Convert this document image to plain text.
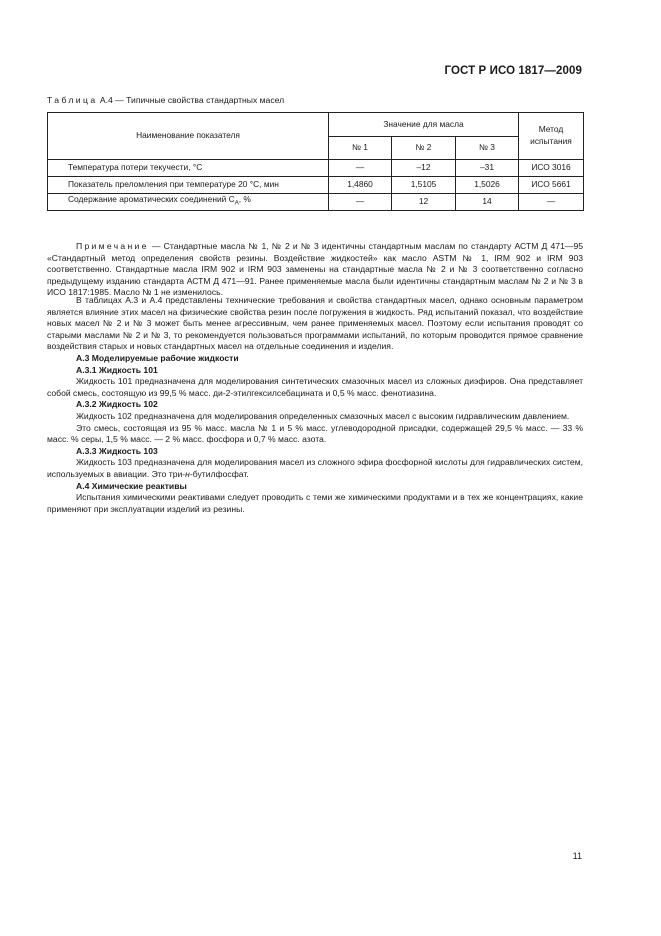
ГОСТ Р ИСО 1817—2009
Таблица А.4 — Типичные свойства стандартных масел
Наименование показателя	Значение для масла			Метод испытания
	№ 1	№ 2	№ 3	
Температура потери текучести, °С	—	–12	–31	ИСО 3016
Показатель преломления при температуре 20 °С, мин	1,4860	1,5105	1,5026	ИСО 5661
Содержание ароматических соединений $C_A$, %	—	12	14	—

Примечание — Стандартные масла № 1, № 2 и № 3 идентичны стандартным маслам по стандарту АСТМ Д 471—95 «Стандартный метод определения свойств резины. Воздействие жидкостей» как масло ASTM № 1, IRM 902 и IRM 903 соответственно. Стандартные масла IRM 902 и IRM 903 заменены на стандартные масла № 2 и № 3 соответственно согласно предыдущему изданию стандарта АСТМ Д 471—91. Ранее применяемые масла были идентичны стандартным маслам № 2 и № 3 в ИСО 1817:1985. Масло № 1 не изменилось.

В таблицах А.3 и А.4 представлены технические требования и свойства стандартных масел, однако основным параметром является влияние этих масел на физические свойства резин после погружения в жидкость. Ряд испытаний показал, что воздействие новых масел № 2 и № 3 может быть менее агрессивным, чем ранее применяемых масел. Поэтому если испытания проводят со старыми маслами № 2 и № 3, то рекомендуется пользоваться программами испытаний, по которым проводится прямое сравнение воздействия старых и новых стандартных масел на отдельные соединения и изделия.

А.3 Моделируемые рабочие жидкости

А.3.1 Жидкость 101

Жидкость 101 предназначена для моделирования синтетических смазочных масел из сложных диэфиров. Она представляет собой смесь, состоящую из 99,5 % масс. ди-2-этилгексилсебацината и 0,5 % масс. фенотиазина.

А.3.2 Жидкость 102

Жидкость 102 предназначена для моделирования определенных смазочных масел с высоким гидравлическим давлением.

Это смесь, состоящая из 95 % масс. масла № 1 и 5 % масс. углеводородной присадки, содержащей 29,5 % масс. — 33 % масс. % серы, 1,5 % масс. — 2 % масс. фосфора и 0,7 % масс. азота.

А.3.3 Жидкость 103

Жидкость 103 предназначена для моделирования масел из сложного эфира фосфорной кислоты для гидравлических систем, используемых в авиации. Это три-н-бутилфосфат.

А.4 Химические реактивы

Испытания химическими реактивами следует проводить с теми же химическими продуктами и в тех же концентрациях, какие применяют при эксплуатации изделий из резины.

11
